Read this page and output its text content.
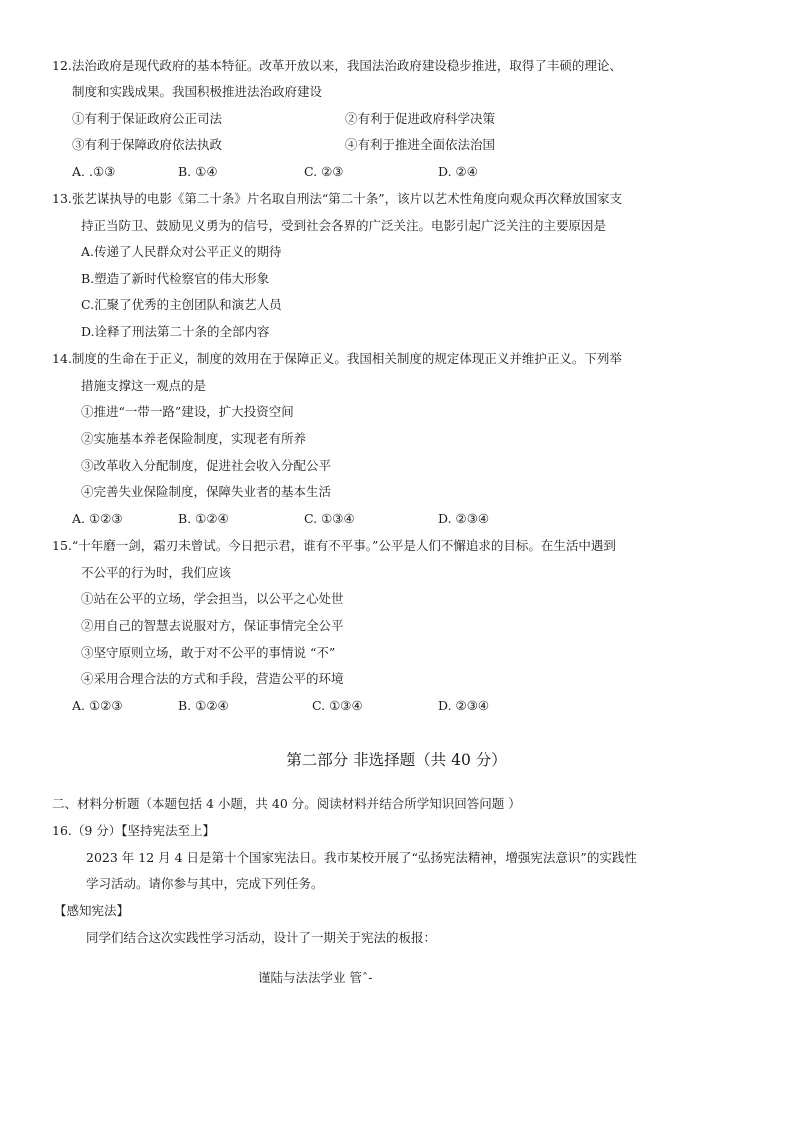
12.法治政府是现代政府的基本特征。改革开放以来，我国法治政府建设稳步推进，取得了丰硕的理论、
制度和实践成果。我国积极推进法治政府建设
①有利于保证政府公正司法	②有利于促进政府科学决策
③有利于保障政府依法执政	④有利于推进全面依法治国
A. .①③	B. ①④	C. ②③	D. ②④
13.张艺谋执导的电影《第二十条》片名取自刑法“第二十条”，该片以艺术性角度向观众再次释放国家支
持正当防卫、鼓励见义勇为的信号，受到社会各界的广泛关注。电影引起广泛关注的主要原因是
A.传递了人民群众对公平正义的期待
B.塑造了新时代检察官的伟大形象
C.汇聚了优秀的主创团队和演艺人员
D.诠释了刑法第二十条的全部内容
14.制度的生命在于正义，制度的效用在于保障正义。我国相关制度的规定体现正义并维护正义。下列举
措施支撑这一观点的是
①推进“一带一路”建设，扩大投资空间
②实施基本养老保险制度，实现老有所养
③改革收入分配制度，促进社会收入分配公平
④完善失业保险制度，保障失业者的基本生活
A. ①②③	B. ①②④	C. ①③④	D. ②③④
15.“十年磨一剑，霜刃未曾试。今日把示君，谁有不平事。”公平是人们不懈追求的目标。在生活中遇到
不公平的行为时，我们应该
①站在公平的立场，学会担当，以公平之心处世
②用自己的智慧去说服对方，保证事情完全公平
③坚守原则立场，敢于对不公平的事情说 “不”
④采用合理合法的方式和手段，营造公平的环境
A. ①②③	B. ①②④	C. ①③④	D. ②③④
第二部分 非选择题（共 40 分）
二、材料分析题（本题包括 4 小题，共 40 分。阅读材料并结合所学知识回答问题 ）
16.（9 分）【坚持宪法至上】
2023 年 12 月 4 日是第十个国家宪法日。我市某校开展了“弘扬宪法精神，增强宪法意识”的实践性
学习活动。请你参与其中，完成下列任务。
【感知宪法】
同学们结合这次实践性学习活动，设计了一期关于宪法的板报：
谨陆与法法学业 管ˆ-
